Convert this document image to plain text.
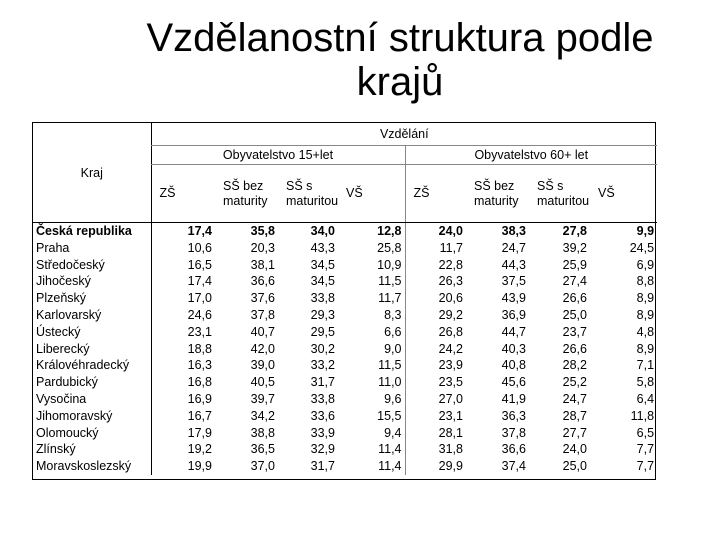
Vzdělanostní struktura podle
krajů
Kraj	Vzdělání							
	Obyvatelstvo 15+let				Obyvatelstvo 60+ let			
	ZŠ	SŠ bez
maturity	SŠ s
maturitou	VŠ	ZŠ	SŠ bez
maturity	SŠ s
maturitou	VŠ
Česká republika	17,4	35,8	34,0	12,8	24,0	38,3	27,8	9,9
Praha	10,6	20,3	43,3	25,8	11,7	24,7	39,2	24,5
Středočeský	16,5	38,1	34,5	10,9	22,8	44,3	25,9	6,9
Jihočeský	17,4	36,6	34,5	11,5	26,3	37,5	27,4	8,8
Plzeňský	17,0	37,6	33,8	11,7	20,6	43,9	26,6	8,9
Karlovarský	24,6	37,8	29,3	8,3	29,2	36,9	25,0	8,9
Ústecký	23,1	40,7	29,5	6,6	26,8	44,7	23,7	4,8
Liberecký	18,8	42,0	30,2	9,0	24,2	40,3	26,6	8,9
Královéhradecký	16,3	39,0	33,2	11,5	23,9	40,8	28,2	7,1
Pardubický	16,8	40,5	31,7	11,0	23,5	45,6	25,2	5,8
Vysočina	16,9	39,7	33,8	9,6	27,0	41,9	24,7	6,4
Jihomoravský	16,7	34,2	33,6	15,5	23,1	36,3	28,7	11,8
Olomoucký	17,9	38,8	33,9	9,4	28,1	37,8	27,7	6,5
Zlínský	19,2	36,5	32,9	11,4	31,8	36,6	24,0	7,7
Moravskoslezský	19,9	37,0	31,7	11,4	29,9	37,4	25,0	7,7
